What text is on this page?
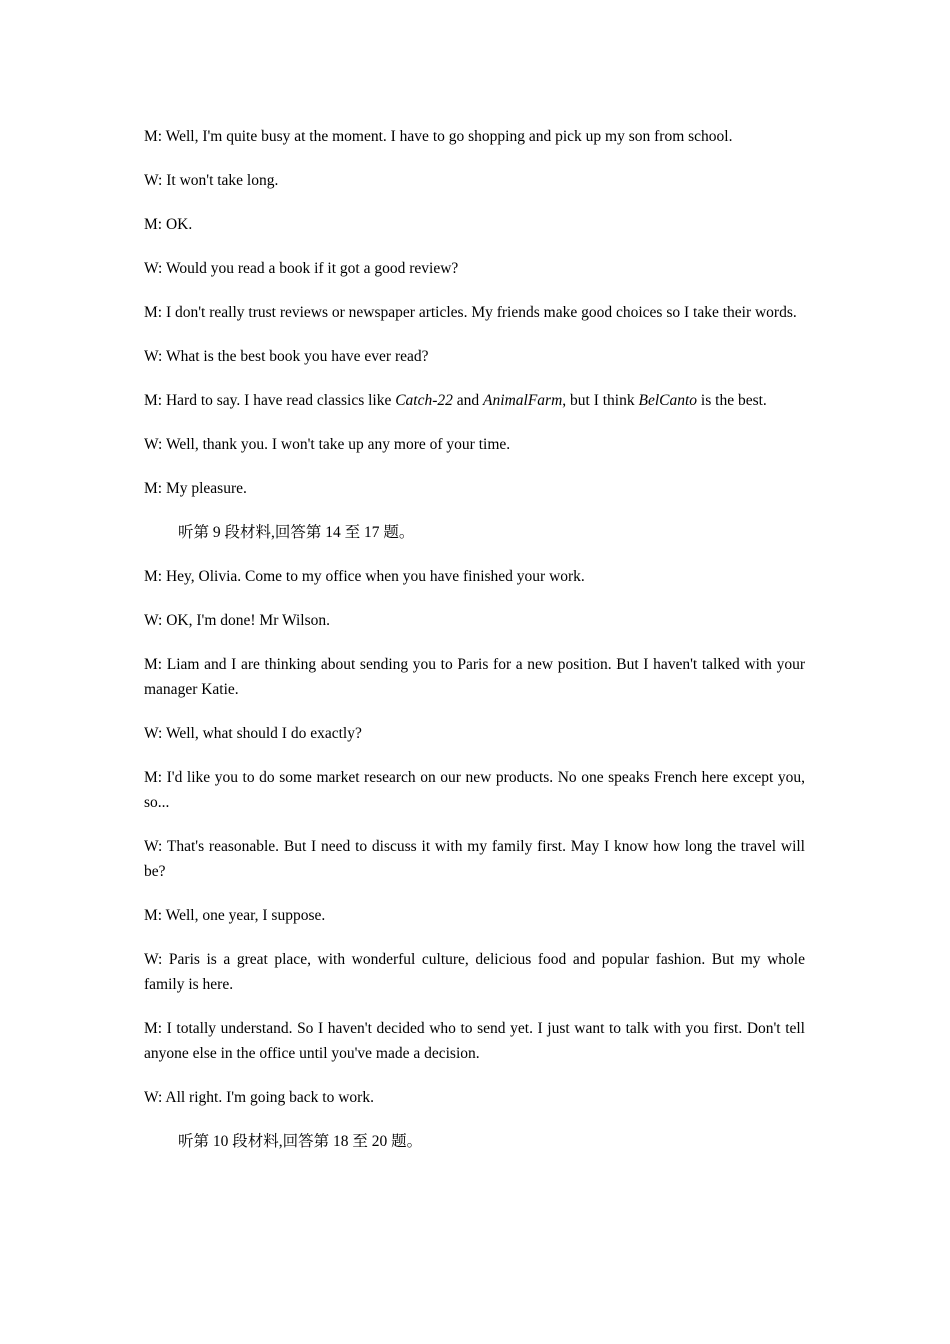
M: Well, I'm quite busy at the moment. I have to go shopping and pick up my son from school.

W: It won't take long.

M: OK.

W: Would you read a book if it got a good review?

M: I don't really trust reviews or newspaper articles. My friends make good choices so I take their words.

W: What is the best book you have ever read?

M: Hard to say. I have read classics like Catch-22 and AnimalFarm, but I think BelCanto is the best.

W: Well, thank you. I won't take up any more of your time.

M: My pleasure.

听第 9 段材料,回答第 14 至 17 题。

M: Hey, Olivia. Come to my office when you have finished your work.

W: OK, I'm done! Mr Wilson.

M: Liam and I are thinking about sending you to Paris for a new position. But I haven't talked with your manager Katie.

W: Well, what should I do exactly?

M: I'd like you to do some market research on our new products. No one speaks French here except you, so...

W: That's reasonable. But I need to discuss it with my family first. May I know how long the travel will be?

M: Well, one year, I suppose.

W: Paris is a great place, with wonderful culture, delicious food and popular fashion. But my whole family is here.

M: I totally understand. So I haven't decided who to send yet. I just want to talk with you first. Don't tell anyone else in the office until you've made a decision.

W: All right. I'm going back to work.

听第 10 段材料,回答第 18 至 20 题。
